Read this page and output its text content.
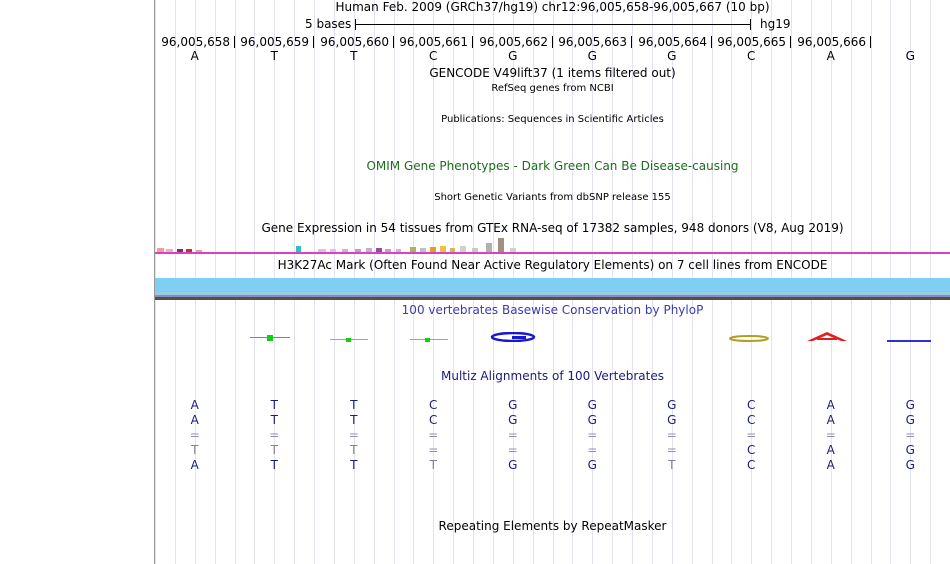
Human Feb. 2009 (GRCh37/hg19) chr12:96,005,658-96,005,667 (10 bp)
5 bases	hg19
96,005,658 96,005,659 96,005,660 96,005,661 96,005,662 96,005,663 96,005,664 96,005,665 96,005,666
A	T	T	C	G	G	G	C	A	G
GENCODE V49lift37 (1 items filtered out)
RefSeq genes from NCBI
Publications: Sequences in Scientific Articles
OMIM Gene Phenotypes - Dark Green Can Be Disease-causing
Short Genetic Variants from dbSNP release 155
Gene Expression in 54 tissues from GTEx RNA-seq of 17382 samples, 948 donors (V8, Aug 2019)
H3K27Ac Mark (Often Found Near Active Regulatory Elements) on 7 cell lines from ENCODE
100 vertebrates Basewise Conservation by PhyloP
Multiz Alignments of 100 Vertebrates
A	T	T	C	G	G	G	C	A	G
A	T	T	C	G	G	G	C	A	G
=	=	=	=	=	=	=	=	=	=
T	T	T	=	=	=	=	C	A	G
A	T	T	T	G	G	T	C	A	G
Repeating Elements by RepeatMasker
